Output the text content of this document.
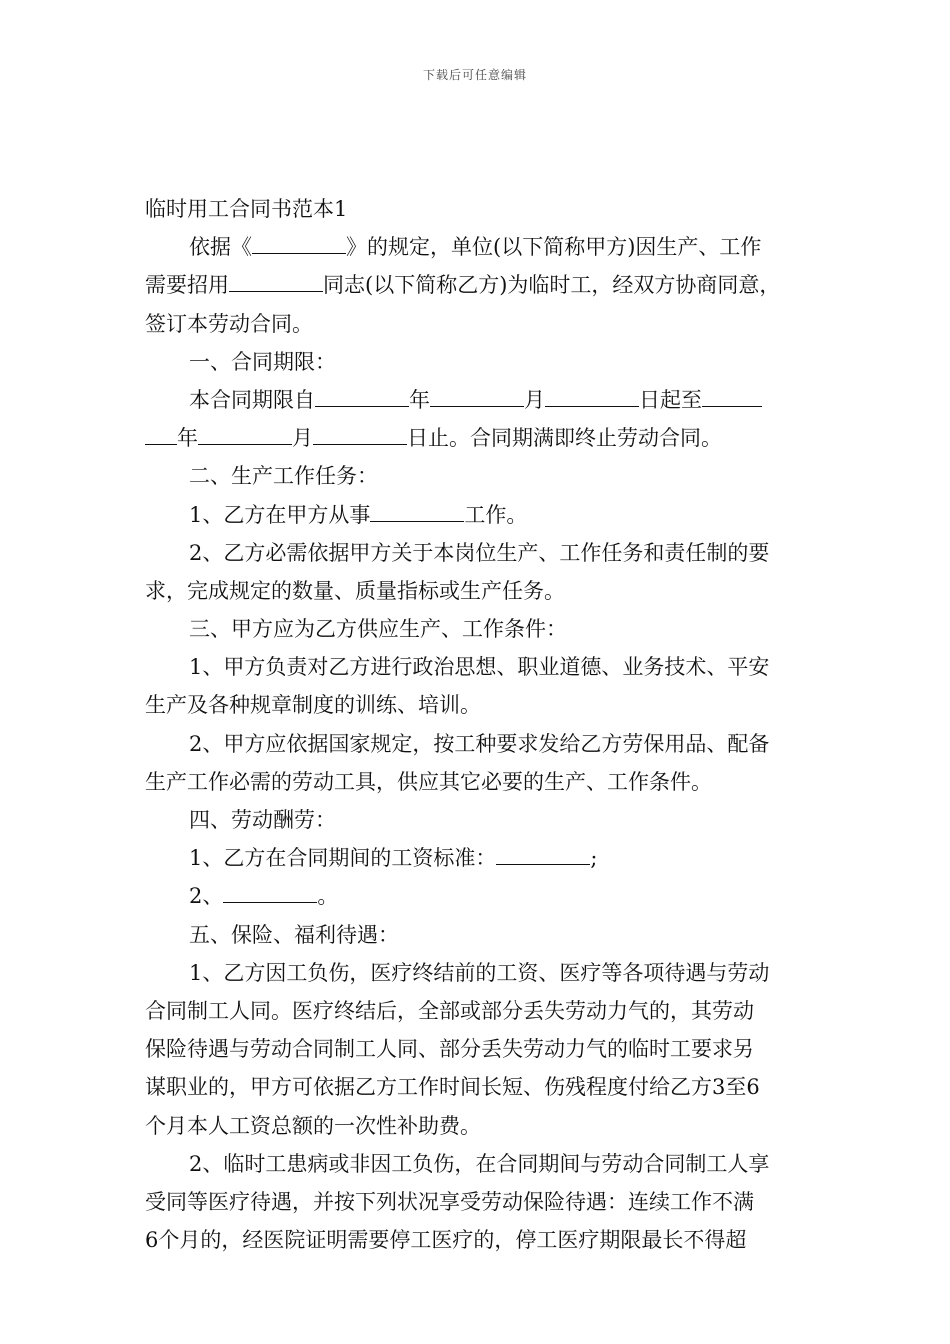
下载后可任意编辑
临时用工合同书范本1
依据《	》的规定，单位(以下简称甲方)因生产、工作
需要招用	同志(以下简称乙方)为临时工，经双方协商同意，
签订本劳动合同。
一、合同期限：
本合同期限自	年	月	日起至
年	月	日止。合同期满即终止劳动合同。
二、生产工作任务：
1、乙方在甲方从事	工作。
2、乙方必需依据甲方关于本岗位生产、工作任务和责任制的要
求，完成规定的数量、质量指标或生产任务。
三、甲方应为乙方供应生产、工作条件：
1、甲方负责对乙方进行政治思想、职业道德、业务技术、平安
生产及各种规章制度的训练、培训。
2、甲方应依据国家规定，按工种要求发给乙方劳保用品、配备
生产工作必需的劳动工具，供应其它必要的生产、工作条件。
四、劳动酬劳：
1、乙方在合同期间的工资标准：	;
2、	。
五、保险、福利待遇：
1、乙方因工负伤，医疗终结前的工资、医疗等各项待遇与劳动
合同制工人同。医疗终结后，全部或部分丢失劳动力气的，其劳动
保险待遇与劳动合同制工人同、部分丢失劳动力气的临时工要求另
谋职业的，甲方可依据乙方工作时间长短、伤残程度付给乙方3至6
个月本人工资总额的一次性补助费。
2、临时工患病或非因工负伤，在合同期间与劳动合同制工人享
受同等医疗待遇，并按下列状况享受劳动保险待遇：连续工作不满
6个月的，经医院证明需要停工医疗的，停工医疗期限最长不得超
